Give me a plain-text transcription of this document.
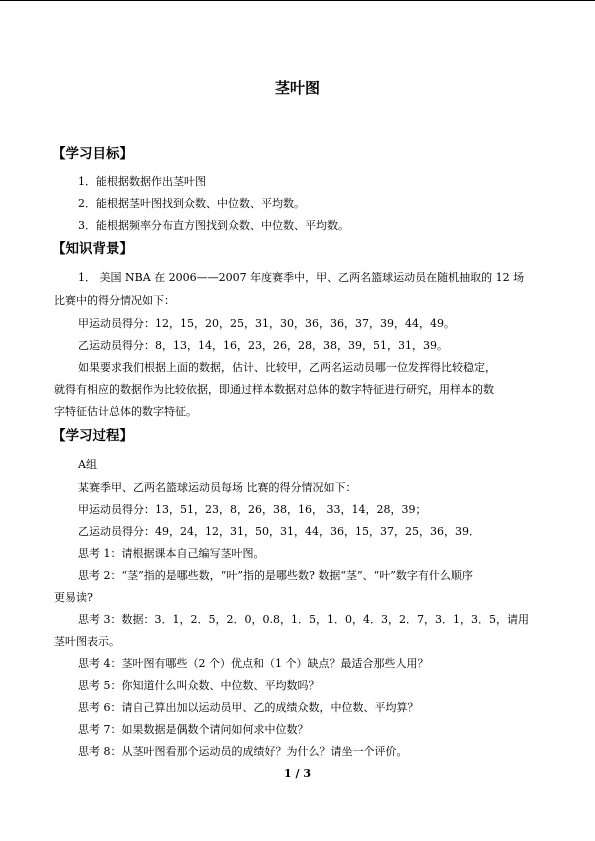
茎叶图
【学习目标】
1．能根据数据作出茎叶图
2．能根据茎叶图找到众数、中位数、平均数。
3．能根据频率分布直方图找到众数、中位数、平均数。
【知识背景】
1． 美国 NBA 在 2006——2007 年度赛季中，甲、乙两名篮球运动员在随机抽取的 12 场
比赛中的得分情况如下：
甲运动员得分：12，15，20，25，31，30，36，36，37，39，44，49。
乙运动员得分：8，13，14，16，23，26，28，38，39，51，31，39。
如果要求我们根据上面的数据，估计、比较甲，乙两名运动员哪一位发挥得比较稳定，
就得有相应的数据作为比较依据，即通过样本数据对总体的数字特征进行研究，用样本的数
字特征估计总体的数字特征。
【学习过程】
A组
某赛季甲、乙两名篮球运动员每场 比赛的得分情况如下：
甲运动员得分：13，51，23，8，26，38，16， 33，14，28，39；
乙运动员得分：49，24，12，31，50，31，44，36，15，37，25，36，39．
思考 1：请根据课本自己编写茎叶图。
思考 2：“茎”指的是哪些数，“叶”指的是哪些数? 数据“茎”、“叶”数字有什么顺序
更易读?
思考 3：数据：3．1，2．5，2．0，0.8，1．5，1．0，4．3，2．7，3．1，3．5，请用
茎叶图表示。
思考 4：茎叶图有哪些（2 个）优点和（1 个）缺点？最适合那些人用？
思考 5：你知道什么叫众数、中位数、平均数吗？
思考 6：请自己算出加以运动员甲、乙的成绩众数，中位数、平均算？
思考 7：如果数据是偶数个请问如何求中位数？
思考 8：从茎叶图看那个运动员的成绩好？为什么？请坐一个评价。
1 / 3
